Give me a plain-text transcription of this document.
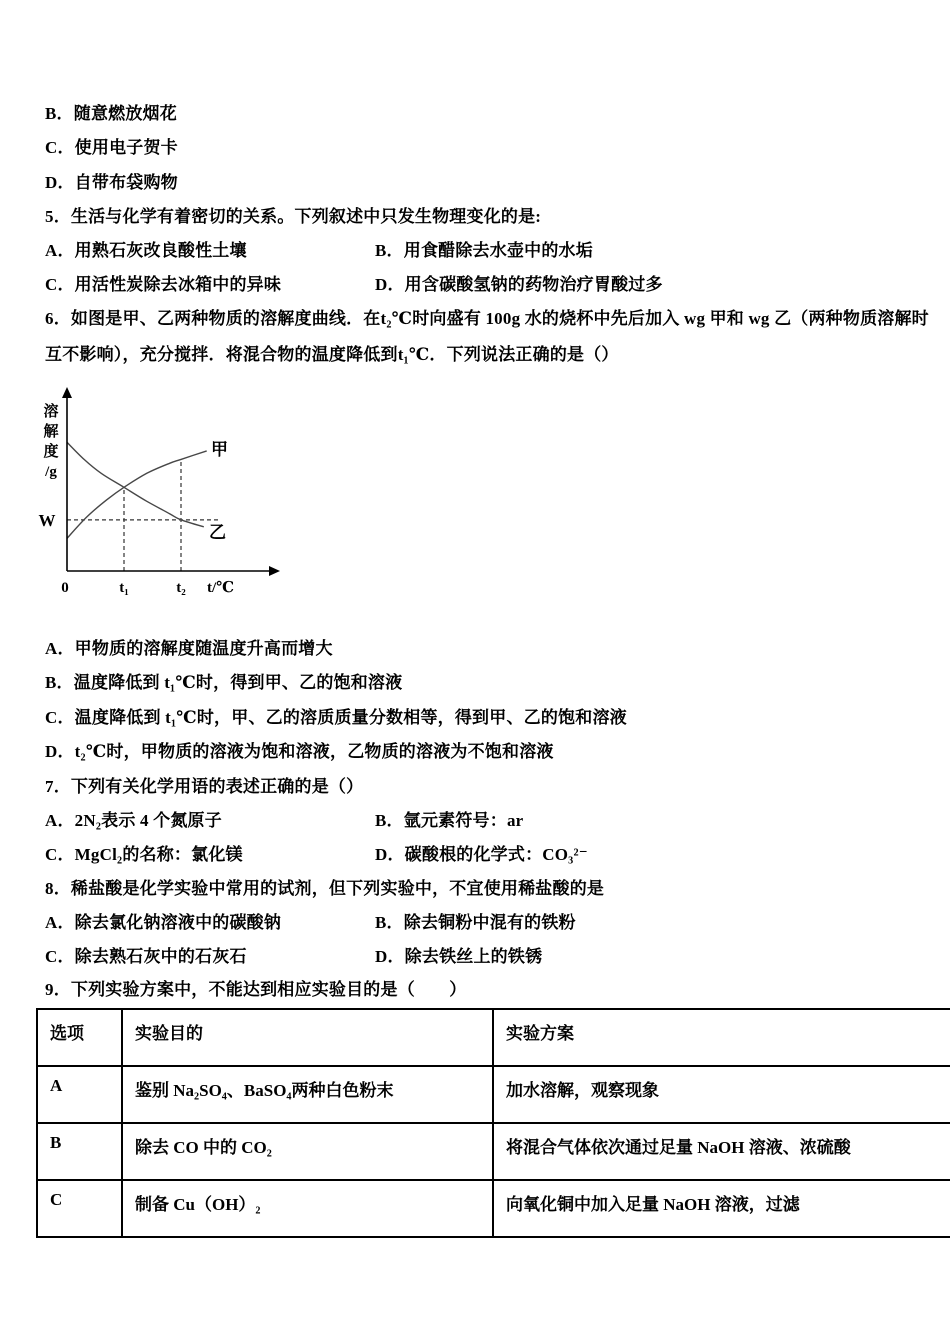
B．随意燃放烟花
C．使用电子贺卡
D．自带布袋购物
5．生活与化学有着密切的关系。下列叙述中只发生物理变化的是:
A．用熟石灰改良酸性土壤	B．用食醋除去水壶中的水垢
C．用活性炭除去冰箱中的异味	D．用含碳酸氢钠的药物治疗胃酸过多
6．如图是甲、乙两种物质的溶解度曲线．在t₂℃时向盛有 100g 水的烧杯中先后加入 wg 甲和 wg 乙（两种物质溶解时
互不影响），充分搅拌．将混合物的温度降低到t₁℃．下列说法正确的是（）
溶
解
度
/g
W
0	t₁	t₂ t/℃
甲
乙
A．甲物质的溶解度随温度升高而增大
B．温度降低到 t₁℃时，得到甲、乙的饱和溶液
C．温度降低到 t₁℃时，甲、乙的溶质质量分数相等，得到甲、乙的饱和溶液
D．t₂℃时，甲物质的溶液为饱和溶液，乙物质的溶液为不饱和溶液
7．下列有关化学用语的表述正确的是（）
A．2N₂表示 4 个氮原子	B．氩元素符号：ar
C．MgCl₂的名称：氯化镁	D．碳酸根的化学式：CO₃²⁻
8．稀盐酸是化学实验中常用的试剂，但下列实验中，不宜使用稀盐酸的是
A．除去氯化钠溶液中的碳酸钠	B．除去铜粉中混有的铁粉
C．除去熟石灰中的石灰石	D．除去铁丝上的铁锈
9．下列实验方案中，不能达到相应实验目的是（　　）
选项	实验目的	实验方案
A	鉴别 Na₂SO₄、BaSO₄两种白色粉末	加水溶解，观察现象
B	除去 CO 中的 CO₂	将混合气体依次通过足量 NaOH 溶液、浓硫酸
C	制备 Cu（OH）₂	向氧化铜中加入足量 NaOH 溶液，过滤
